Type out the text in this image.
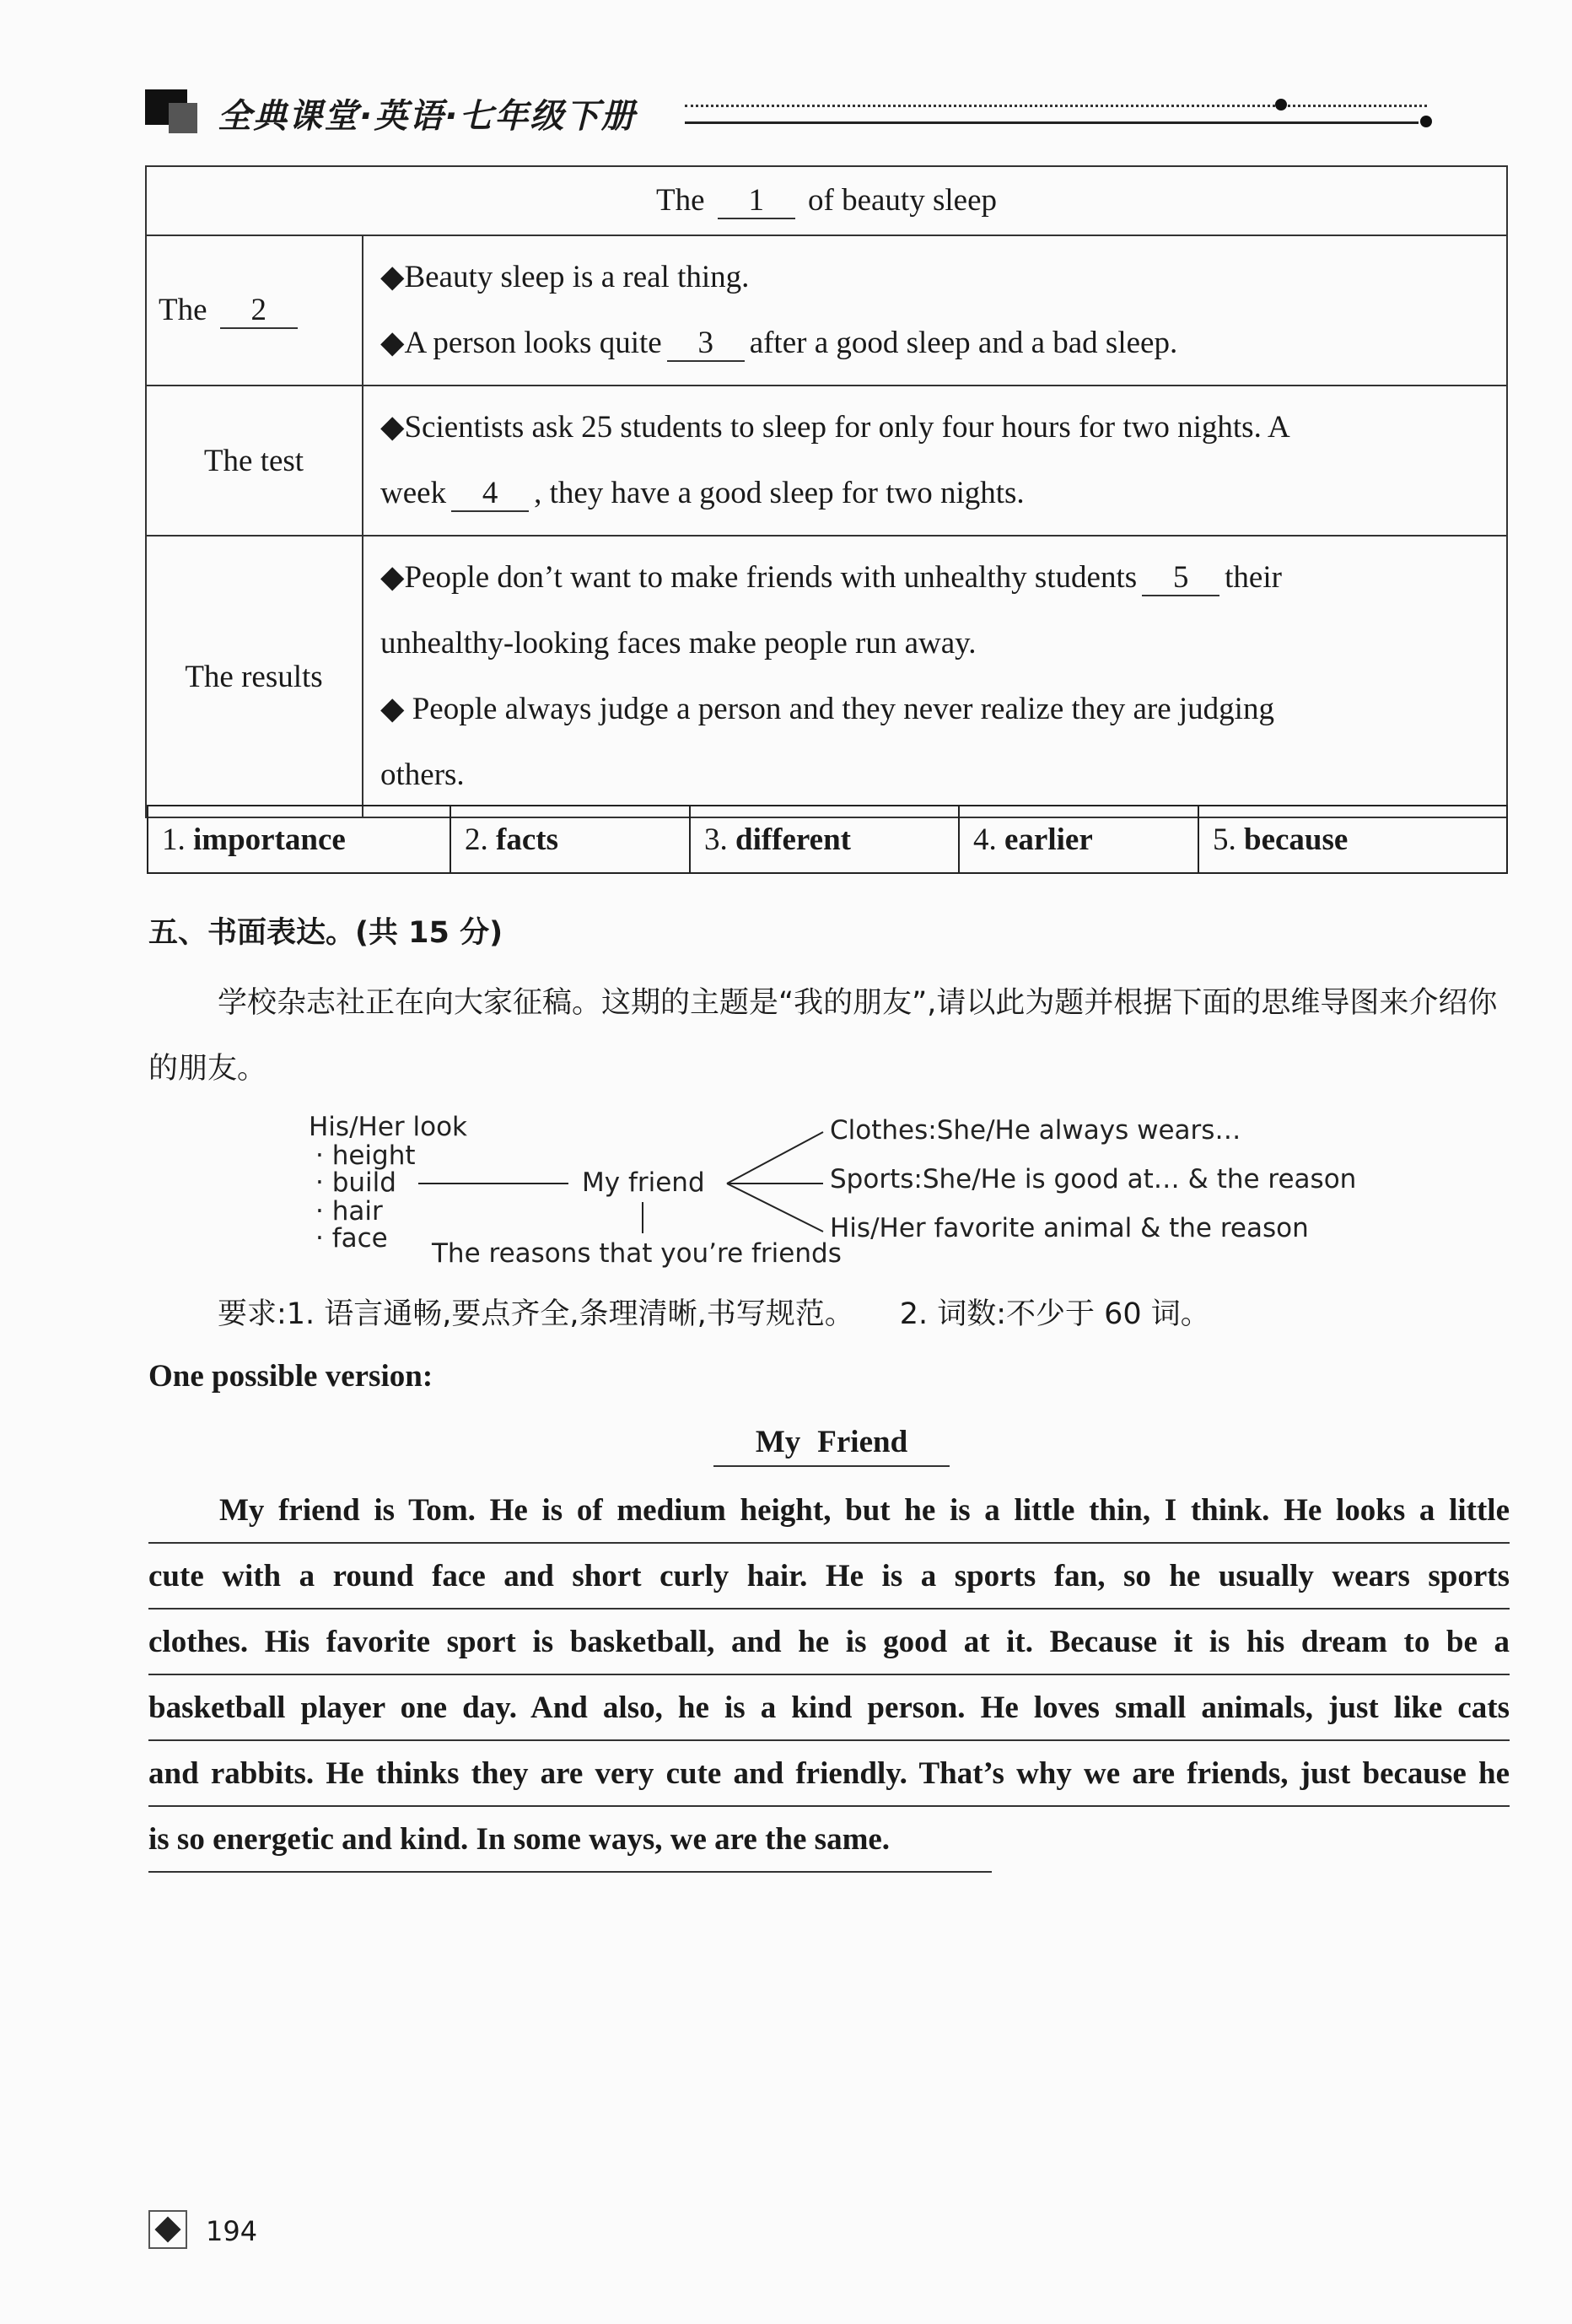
全典课堂·英语·七年级下册
The 1 of beauty sleep	
The 2	◆Beauty sleep is a real thing.

◆A person looks quite 3 after a good sleep and a bad sleep.

The test	◆Scientists ask 25 students to sleep for only four hours for two nights. A

week 4 , they have a good sleep for two nights.

The results	◆People don’t want to make friends with unhealthy students 5 their

unhealthy-looking faces make people run away.

◆ People always judge a person and they never realize they are judging

others.

1. importance	2. facts	3. different	4. earlier	5. because
五、书面表达。(共 15 分)
学校杂志社正在向大家征稿。这期的主题是“我的朋友”,请以此为题并根据下面的思维导图来介绍你的朋友。
His/Her look
· height
· build
· hair
· face
My friend
Clothes:She/He always wears…
Sports:She/He is good at… & the reason
His/Her favorite animal & the reason
The reasons that you’re friends
要求:1. 语言通畅,要点齐全,条理清晰,书写规范。 2. 词数:不少于 60 词。
One possible version:
My Friend
My friend is Tom. He is of medium height, but he is a little thin, I think. He looks a little
cute with a round face and short curly hair. He is a sports fan, so he usually wears sports
clothes. His favorite sport is basketball, and he is good at it. Because it is his dream to be a
basketball player one day. And also, he is a kind person. He loves small animals, just like cats
and rabbits. He thinks they are very cute and friendly. That’s why we are friends, just because he
is so energetic and kind. In some ways, we are the same.
194
